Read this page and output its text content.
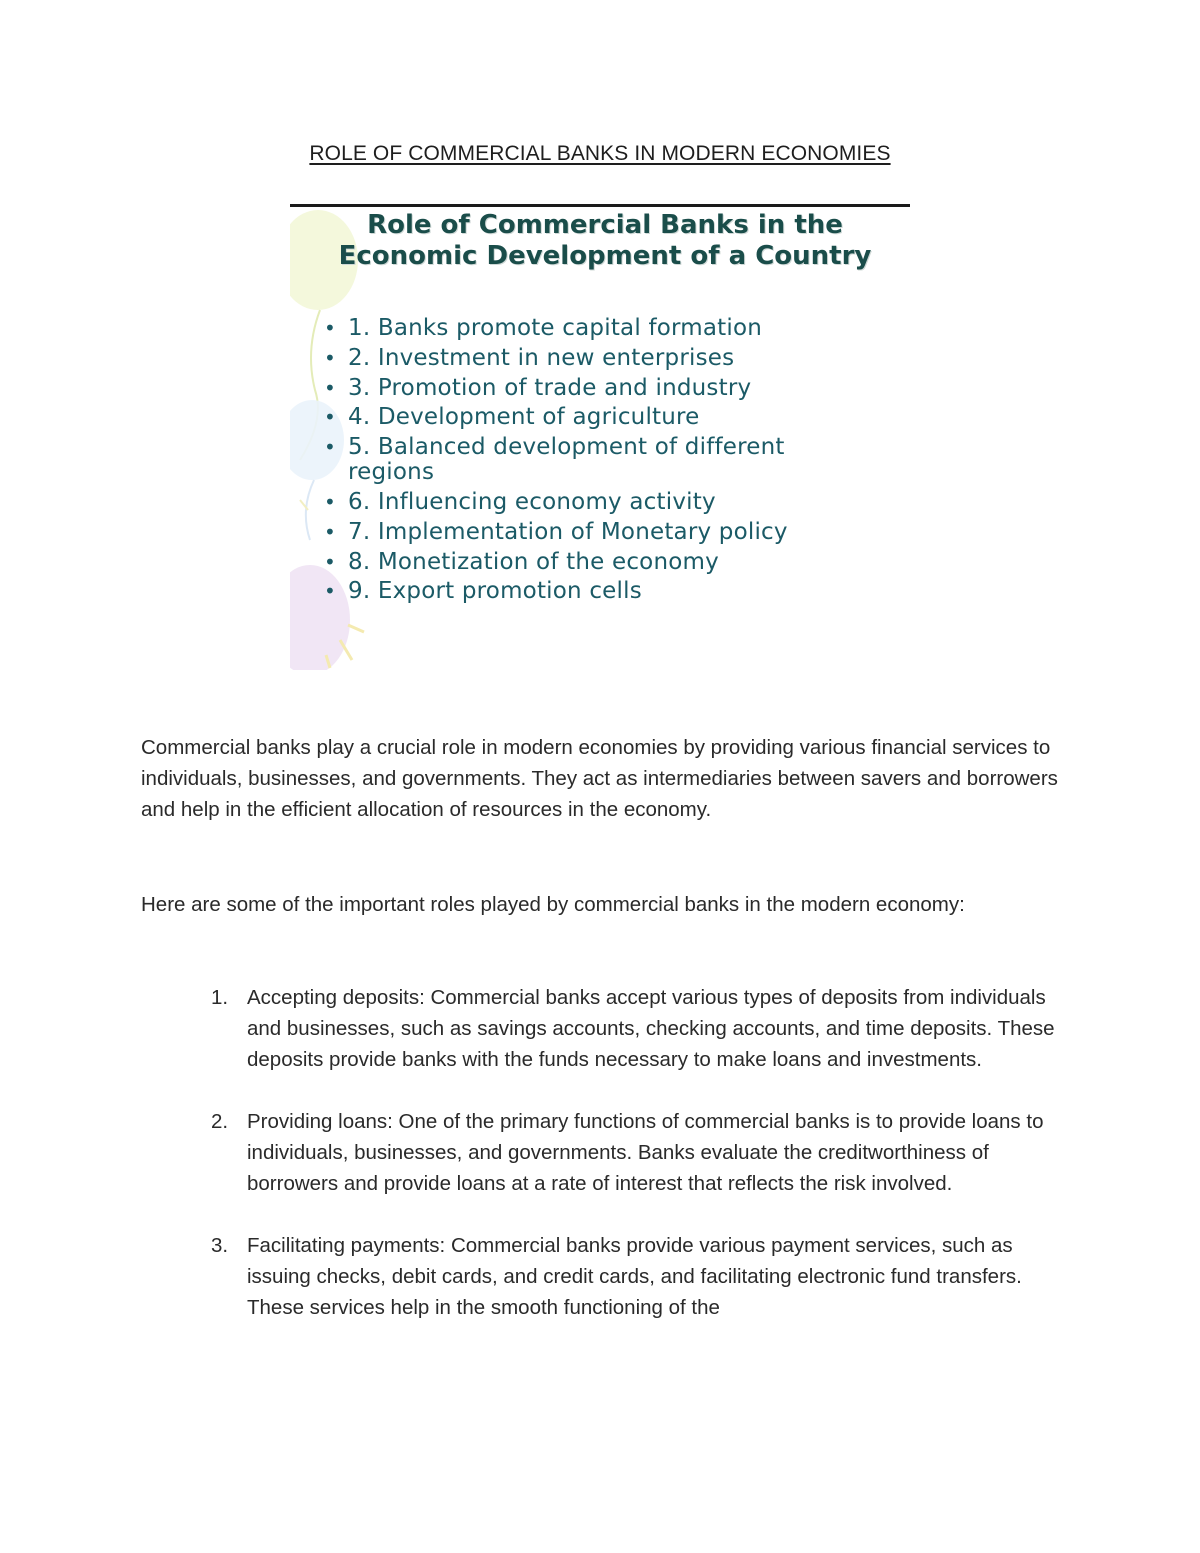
ROLE OF COMMERCIAL BANKS IN MODERN ECONOMIES
Role of Commercial Banks in the Economic Development of a Country
• 1. Banks promote capital formation
• 2. Investment in new enterprises
• 3. Promotion of trade and industry
• 4. Development of agriculture
• 5. Balanced development of different regions
• 6. Influencing economy activity
• 7. Implementation of Monetary policy
• 8. Monetization of the economy
• 9. Export promotion cells

Commercial banks play a crucial role in modern economies by providing various financial services to individuals, businesses, and governments. They act as intermediaries between savers and borrowers and help in the efficient allocation of resources in the economy.

Here are some of the important roles played by commercial banks in the modern economy:

1. Accepting deposits: Commercial banks accept various types of deposits from individuals and businesses, such as savings accounts, checking accounts, and time deposits. These deposits provide banks with the funds necessary to make loans and investments.
2. Providing loans: One of the primary functions of commercial banks is to provide loans to individuals, businesses, and governments. Banks evaluate the creditworthiness of borrowers and provide loans at a rate of interest that reflects the risk involved.
3. Facilitating payments: Commercial banks provide various payment services, such as issuing checks, debit cards, and credit cards, and facilitating electronic fund transfers. These services help in the smooth functioning of the
